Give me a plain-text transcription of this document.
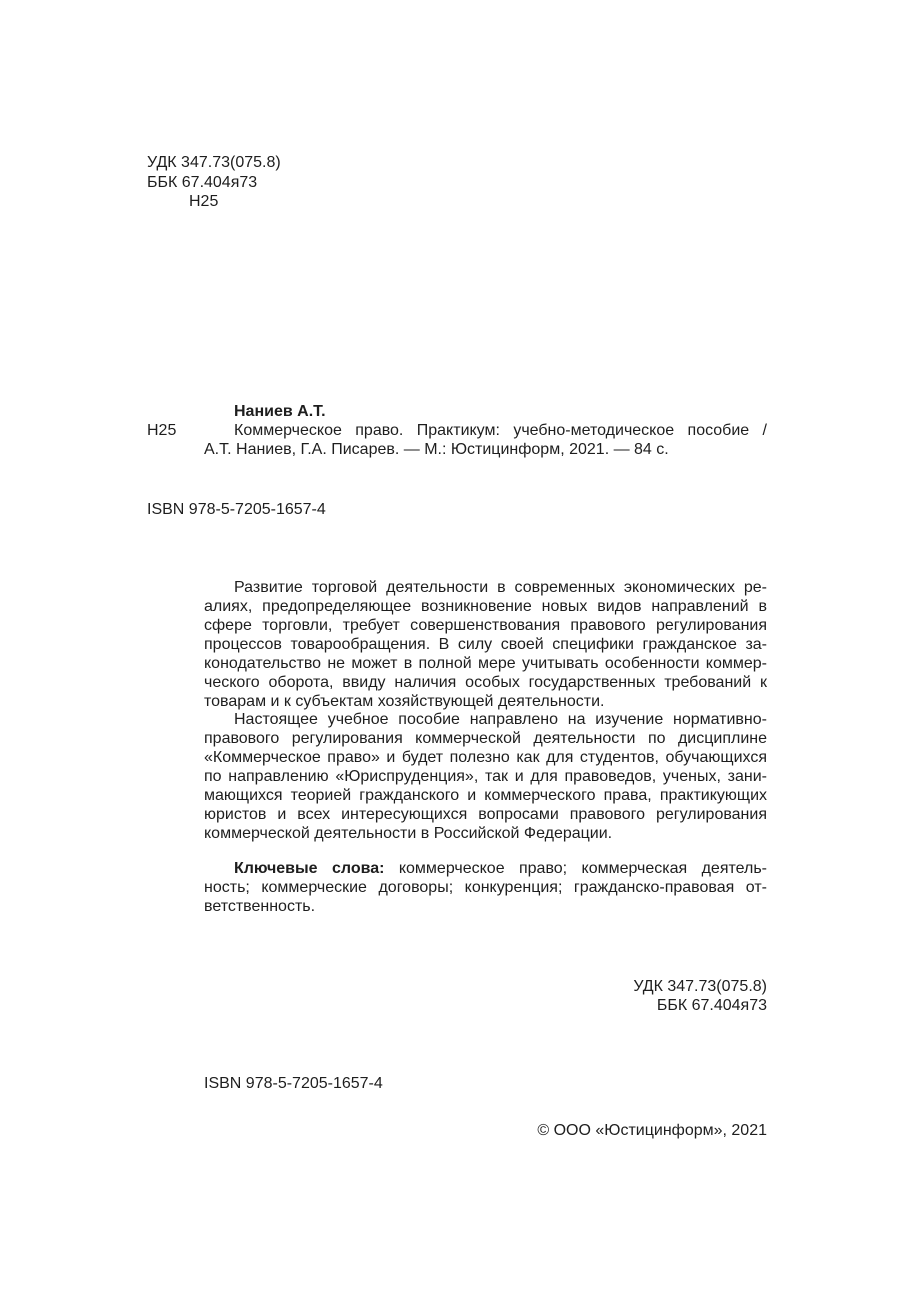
УДК 347.73(075.8)
ББК 67.404я73
Н25
Наниев А.Т.
Н25	Коммерческое право. Практикум: учебно-методическое пособие /
А.Т. Наниев, Г.А. Писарев. — М.: Юстицинформ, 2021. — 84 с.
ISBN 978-5-7205-1657-4
Развитие торговой деятельности в современных экономических ре-
алиях, предопределяющее возникновение новых видов направлений в
сфере торговли, требует совершенствования правового регулирования
процессов товарообращения. В силу своей специфики гражданское за-
конодательство не может в полной мере учитывать особенности коммер-
ческого оборота, ввиду наличия особых государственных требований к
товарам и к субъектам хозяйствующей деятельности.
Настоящее учебное пособие направлено на изучение нормативно-
правового регулирования коммерческой деятельности по дисциплине
«Коммерческое право» и будет полезно как для студентов, обучающихся
по направлению «Юриспруденция», так и для правоведов, ученых, зани-
мающихся теорией гражданского и коммерческого права, практикующих
юристов и всех интересующихся вопросами правового регулирования
коммерческой деятельности в Российской Федерации.
Ключевые слова: коммерческое право; коммерческая деятель-
ность; коммерческие договоры; конкуренция; гражданско-правовая от-
ветственность.
УДК 347.73(075.8)
ББК 67.404я73
ISBN 978-5-7205-1657-4
© ООО «Юстицинформ», 2021
